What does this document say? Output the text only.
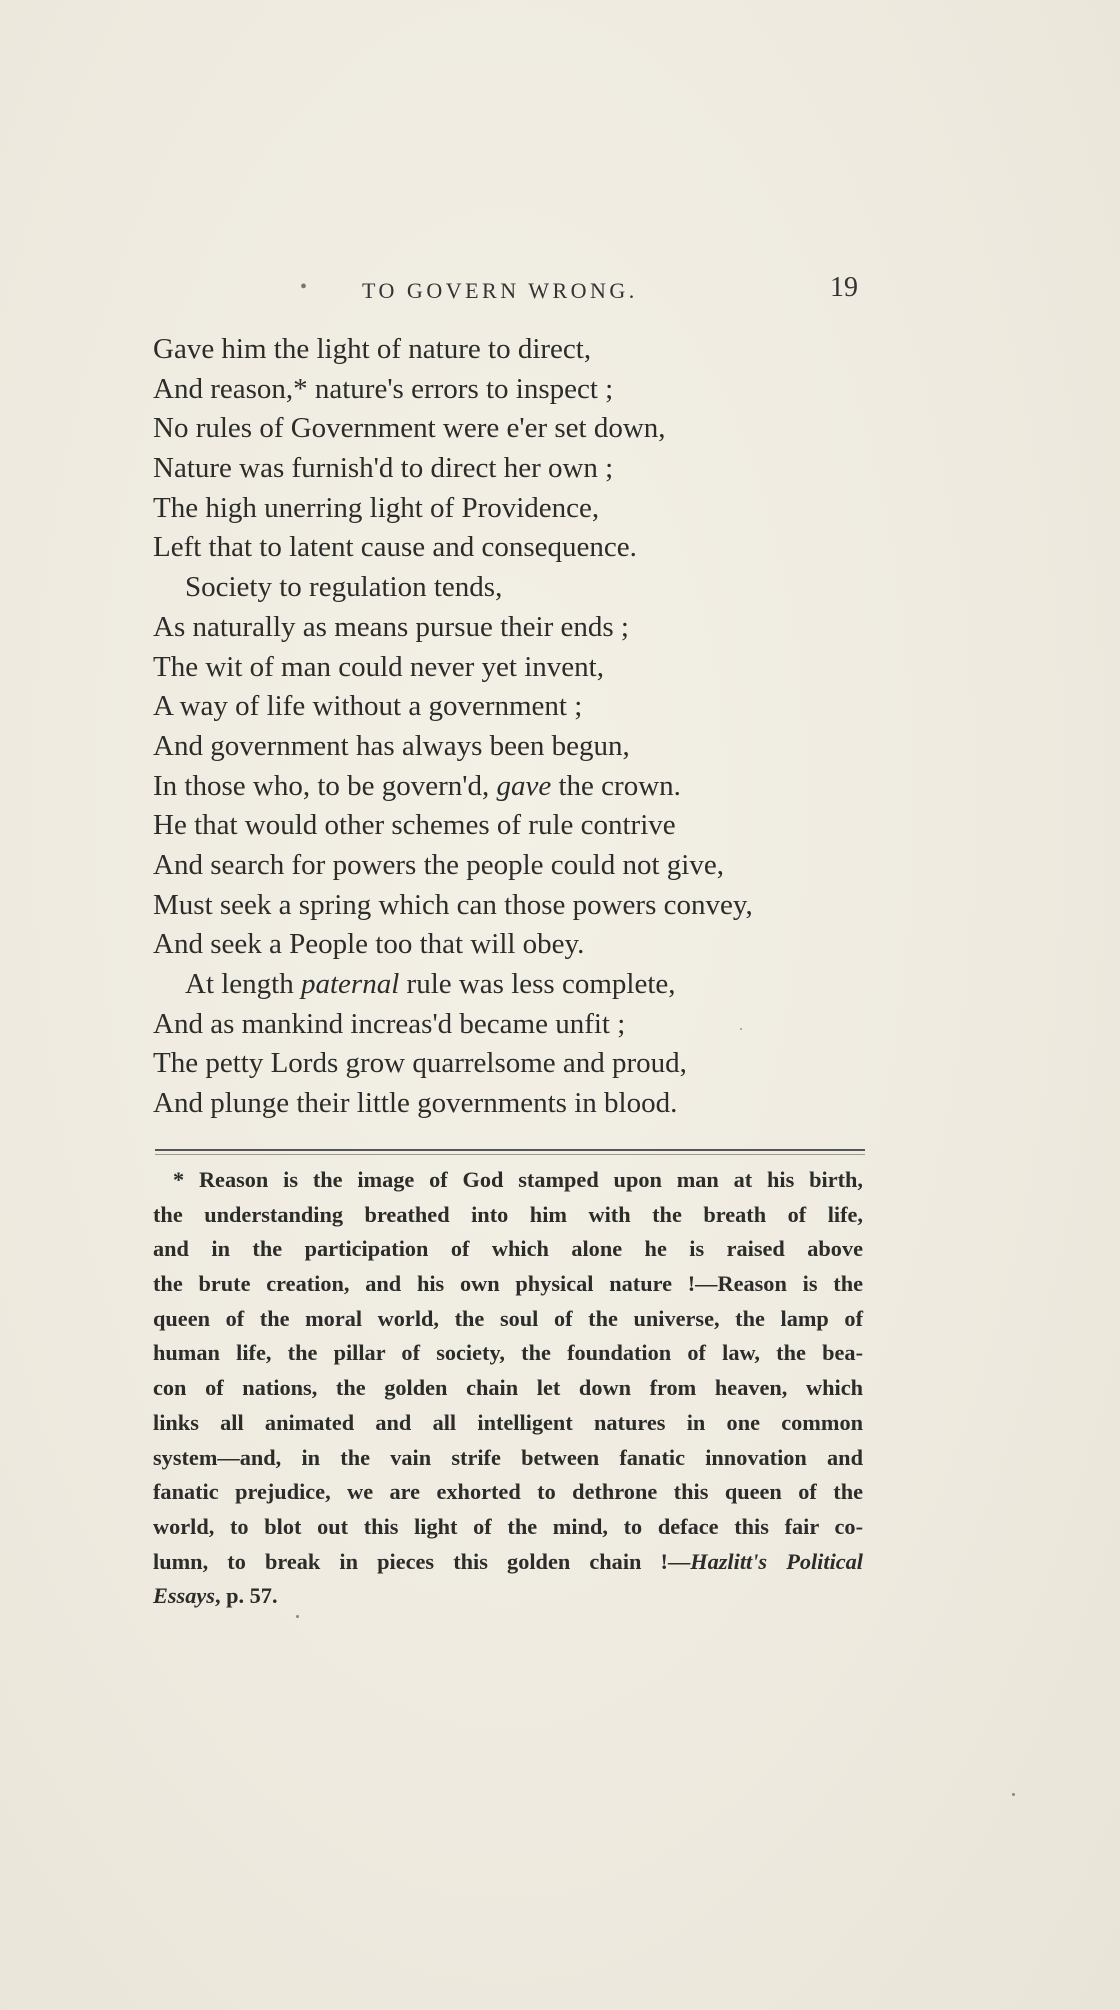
• TO GOVERN WRONG.	19
Gave him the light of nature to direct,
And reason,* nature's errors to inspect ;
No rules of Government were e'er set down,
Nature was furnish'd to direct her own ;
The high unerring light of Providence,
Left that to latent cause and consequence.
Society to regulation tends,
As naturally as means pursue their ends ;
The wit of man could never yet invent,
A way of life without a government ;
And government has always been begun,
In those who, to be govern'd, gave the crown.
He that would other schemes of rule contrive
And search for powers the people could not give,
Must seek a spring which can those powers convey,
And seek a People too that will obey.
At length paternal rule was less complete,
And as mankind increas'd became unfit ;
The petty Lords grow quarrelsome and proud,
And plunge their little governments in blood.
* Reason is the image of God stamped upon man at his birth,
the understanding breathed into him with the breath of life,
and in the participation of which alone he is raised above
the brute creation, and his own physical nature !—Reason is the
queen of the moral world, the soul of the universe, the lamp of
human life, the pillar of society, the foundation of law, the bea-
con of nations, the golden chain let down from heaven, which
links all animated and all intelligent natures in one common
system—and, in the vain strife between fanatic innovation and
fanatic prejudice, we are exhorted to dethrone this queen of the
world, to blot out this light of the mind, to deface this fair co-
lumn, to break in pieces this golden chain !—Hazlitt's Political
Essays, p. 57.
